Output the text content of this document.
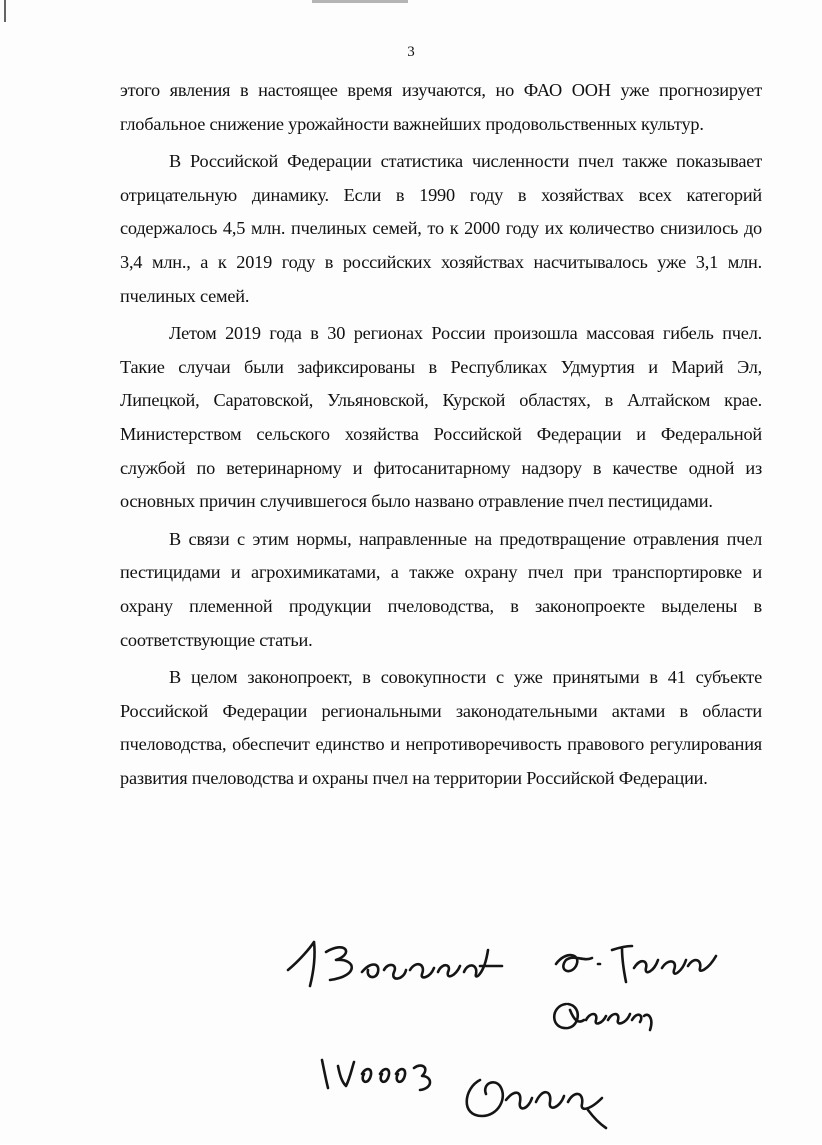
3

этого явления в настоящее время изучаются, но ФАО ООН уже прогнозирует глобальное снижение урожайности важнейших продовольственных культур.

В Российской Федерации статистика численности пчел также показывает отрицательную динамику. Если в 1990 году в хозяйствах всех категорий содержалось 4,5 млн. пчелиных семей, то к 2000 году их количество снизилось до 3,4 млн., а к 2019 году в российских хозяйствах насчитывалось уже 3,1 млн. пчелиных семей.

Летом 2019 года в 30 регионах России произошла массовая гибель пчел. Такие случаи были зафиксированы в Республиках Удмуртия и Марий Эл, Липецкой, Саратовской, Ульяновской, Курской областях, в Алтайском крае. Министерством сельского хозяйства Российской Федерации и Федеральной службой по ветеринарному и фитосанитарному надзору в качестве одной из основных причин случившегося было названо отравление пчел пестицидами.

В связи с этим нормы, направленные на предотвращение отравления пчел пестицидами и агрохимикатами, а также охрану пчел при транспортировке и охрану племенной продукции пчеловодства, в законопроекте выделены в соответствующие статьи.

В целом законопроект, в совокупности с уже принятыми в 41 субъекте Российской Федерации региональными законодательными актами в области пчеловодства, обеспечит единство и непротиворечивость правового регулирования развития пчеловодства и охраны пчел на территории Российской Федерации.
